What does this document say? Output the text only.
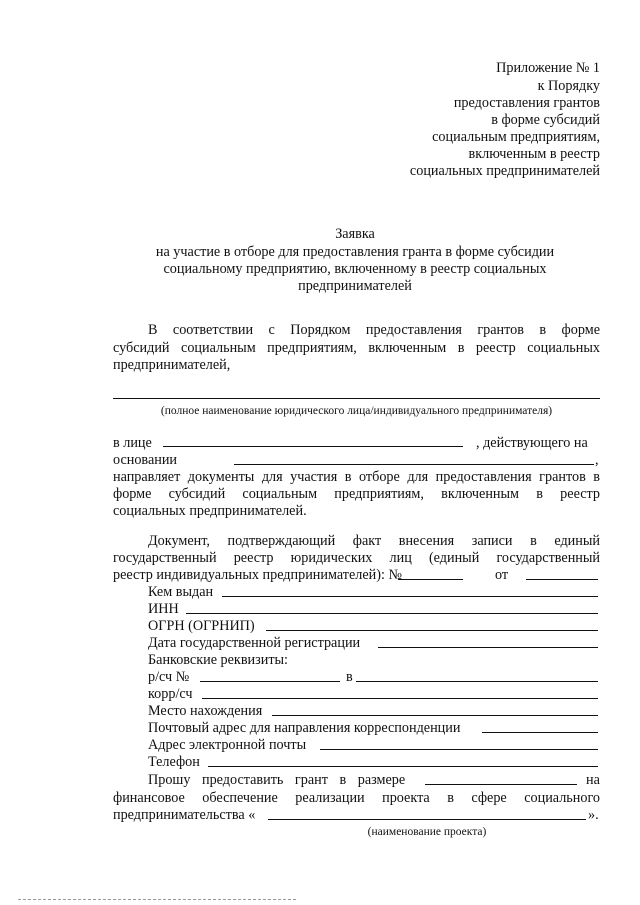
Приложение № 1
к Порядку
предоставления грантов
в форме субсидий
социальным предприятиям,
включенным в реестр
социальных предпринимателей
Заявка
на участие в отборе для предоставления гранта в форме субсидии
социальному предприятию, включенному в реестр социальных
предпринимателей
В соответствии с Порядком предоставления грантов в форме
субсидий социальным предприятиям, включенным в реестр социальных
предпринимателей,
(полное наименование юридического лица/индивидуального предпринимателя)
в лице	, действующего на
основании	,
направляет документы для участия в отборе для предоставления грантов в
форме субсидий социальным предприятиям, включенным в реестр
социальных предпринимателей.
Документ, подтверждающий факт внесения записи в единый
государственный реестр юридических лиц (единый государственный
реестр индивидуальных предпринимателей): №	от
Кем выдан
ИНН
ОГРН (ОГРНИП)
Дата государственной регистрации
Банковские реквизиты:
р/сч №	в
корр/сч
Место нахождения
Почтовый адрес для направления корреспонденции
Адрес электронной почты
Телефон
Прошу предоставить грант в размере	на
финансовое обеспечение реализации проекта в сфере социального
предпринимательства «	».
(наименование проекта)
